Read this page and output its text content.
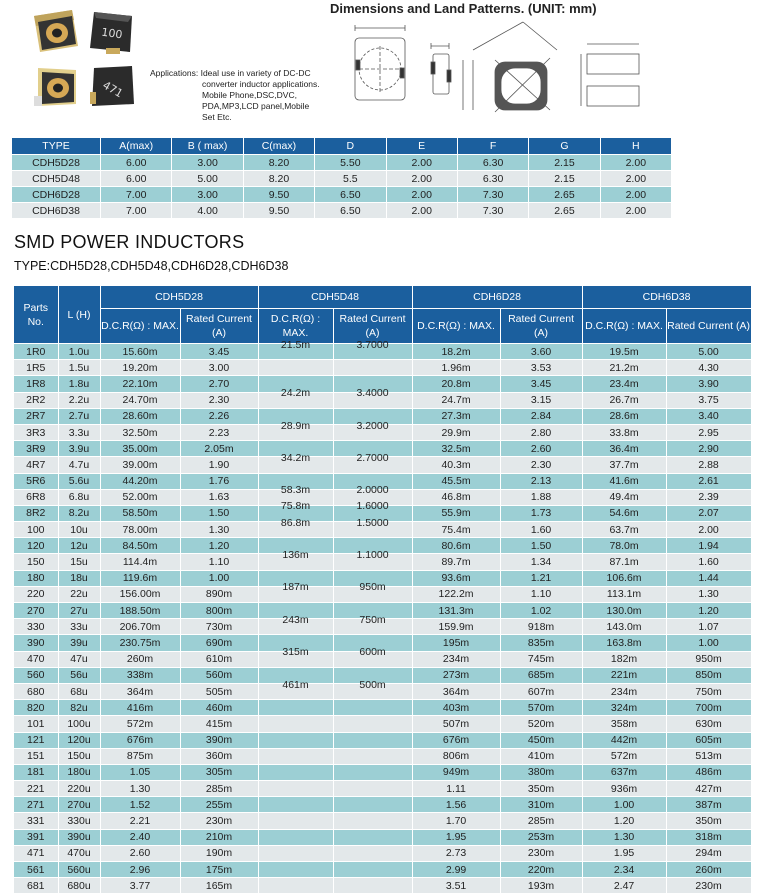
Dimensions and Land Patterns. (UNIT: mm)
100
471
Applications: Ideal use in variety of DC-DC
converter inductor applications.
Mobile Phone,DSC,DVC,
PDA,MP3,LCD panel,Mobile
Set Etc.
TYPE	A(max)	B ( max)	C(max)	D	E	F	G	H
CDH5D28	6.00	3.00	8.20	5.50	2.00	6.30	2.15	2.00
CDH5D48	6.00	5.00	8.20	5.5	2.00	6.30	2.15	2.00
CDH6D28	7.00	3.00	9.50	6.50	2.00	7.30	2.65	2.00
CDH6D38	7.00	4.00	9.50	6.50	2.00	7.30	2.65	2.00
SMD POWER INDUCTORS
TYPE:CDH5D28,CDH5D48,CDH6D28,CDH6D38
Parts No.	L (H)	CDH5D28		CDH5D48		CDH6D28		CDH6D38	
		D.C.R(Ω) : MAX.	Rated Current (A)	D.C.R(Ω) : MAX.	Rated Current (A)	D.C.R(Ω) : MAX.	Rated Current (A)	D.C.R(Ω) : MAX.	Rated Current (A)
1R0	1.0u	15.60m	3.45	21.5m	3.7000	18.2m	3.60	19.5m	5.00
1R5	1.5u	19.20m	3.00			1.96m	3.53	21.2m	4.30
1R8	1.8u	22.10m	2.70			20.8m	3.45	23.4m	3.90
2R2	2.2u	24.70m	2.30	24.2m	3.4000	24.7m	3.15	26.7m	3.75
2R7	2.7u	28.60m	2.26			27.3m	2.84	28.6m	3.40
3R3	3.3u	32.50m	2.23	28.9m	3.2000	29.9m	2.80	33.8m	2.95
3R9	3.9u	35.00m	2.05m			32.5m	2.60	36.4m	2.90
4R7	4.7u	39.00m	1.90	34.2m	2.7000	40.3m	2.30	37.7m	2.88
5R6	5.6u	44.20m	1.76			45.5m	2.13	41.6m	2.61
6R8	6.8u	52.00m	1.63	58.3m	2.0000	46.8m	1.88	49.4m	2.39
8R2	8.2u	58.50m	1.50	75.8m	1.6000	55.9m	1.73	54.6m	2.07
100	10u	78.00m	1.30	86.8m	1.5000	75.4m	1.60	63.7m	2.00
120	12u	84.50m	1.20			80.6m	1.50	78.0m	1.94
150	15u	114.4m	1.10	136m	1.1000	89.7m	1.34	87.1m	1.60
180	18u	119.6m	1.00			93.6m	1.21	106.6m	1.44
220	22u	156.00m	890m	187m	950m	122.2m	1.10	113.1m	1.30
270	27u	188.50m	800m			131.3m	1.02	130.0m	1.20
330	33u	206.70m	730m	243m	750m	159.9m	918m	143.0m	1.07
390	39u	230.75m	690m			195m	835m	163.8m	1.00
470	47u	260m	610m	315m	600m	234m	745m	182m	950m
560	56u	338m	560m			273m	685m	221m	850m
680	68u	364m	505m	461m	500m	364m	607m	234m	750m
820	82u	416m	460m			403m	570m	324m	700m
101	100u	572m	415m			507m	520m	358m	630m
121	120u	676m	390m			676m	450m	442m	605m
151	150u	875m	360m			806m	410m	572m	513m
181	180u	1.05	305m			949m	380m	637m	486m
221	220u	1.30	285m			1.11	350m	936m	427m
271	270u	1.52	255m			1.56	310m	1.00	387m
331	330u	2.21	230m			1.70	285m	1.20	350m
391	390u	2.40	210m			1.95	253m	1.30	318m
471	470u	2.60	190m			2.73	230m	1.95	294m
561	560u	2.96	175m			2.99	220m	2.34	260m
681	680u	3.77	165m			3.51	193m	2.47	230m
